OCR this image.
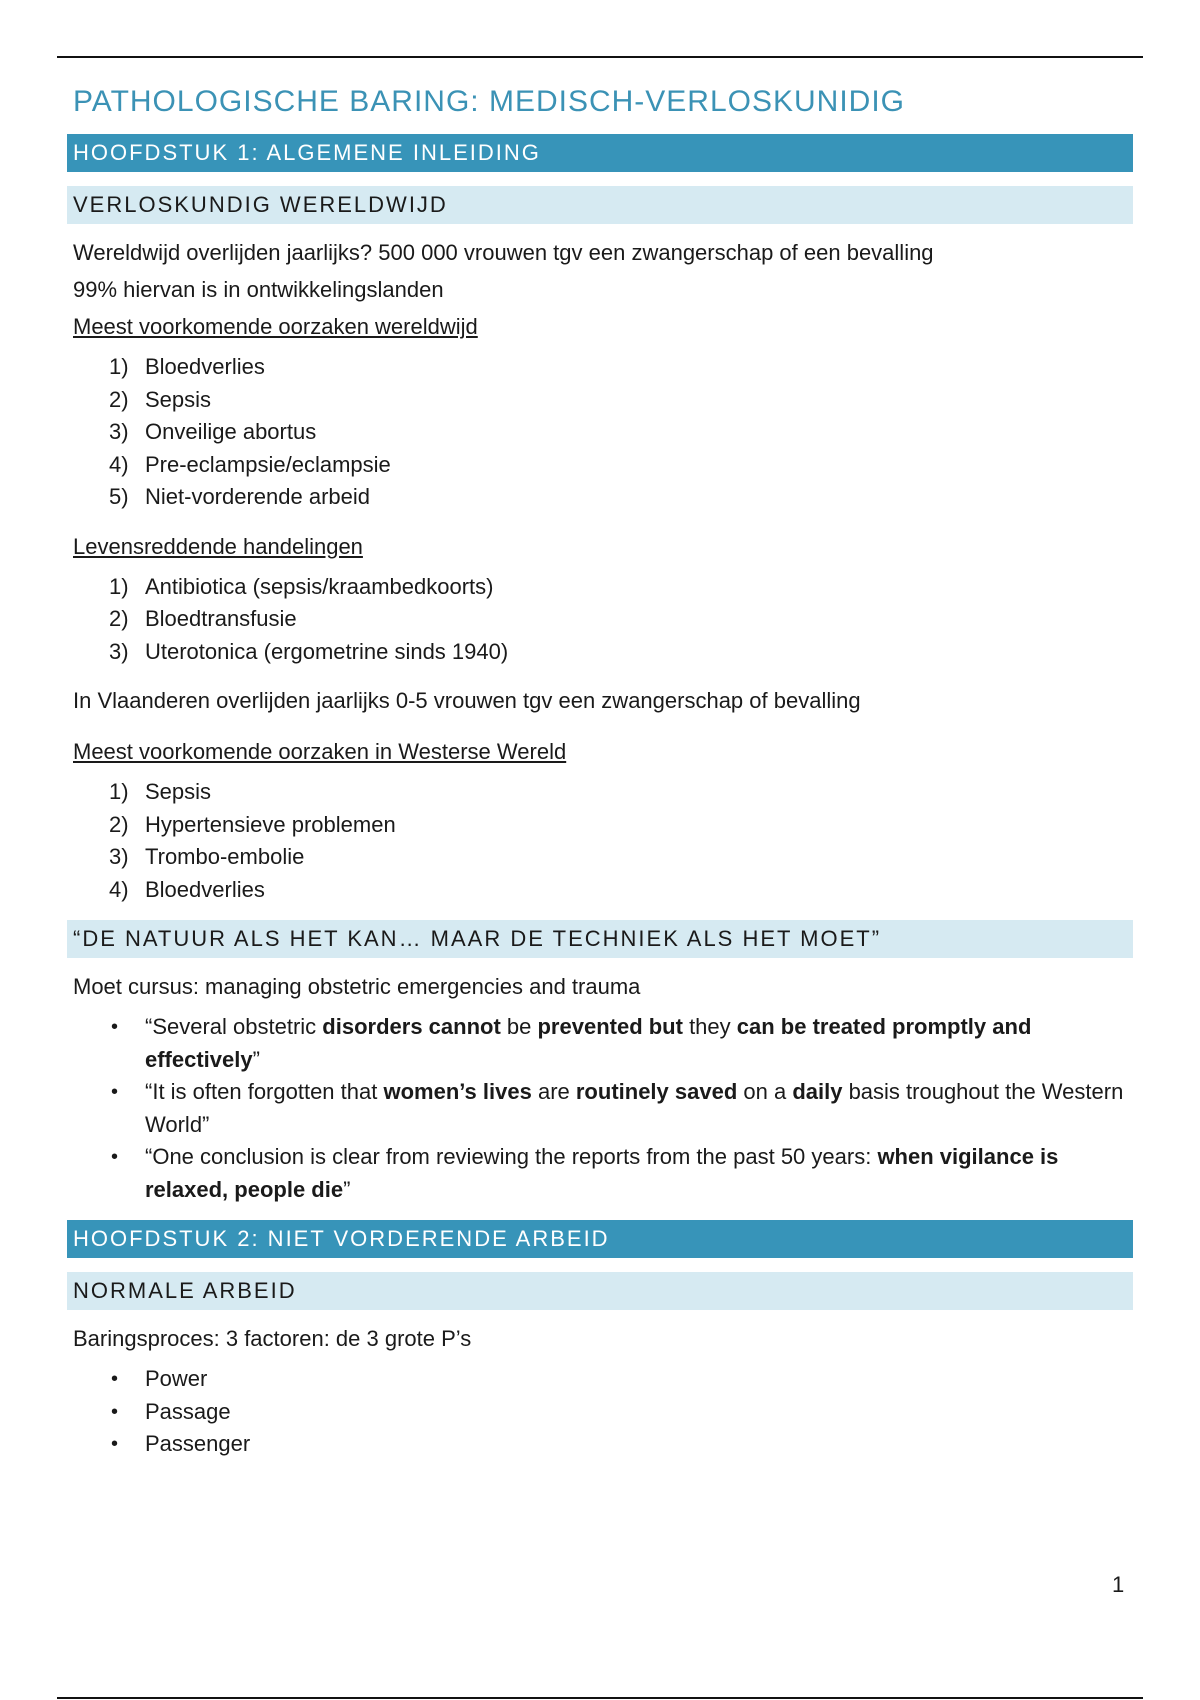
PATHOLOGISCHE BARING: MEDISCH-VERLOSKUNIDIG
HOOFDSTUK 1: ALGEMENE INLEIDING
VERLOSKUNDIG WERELDWIJD
Wereldwijd overlijden jaarlijks? 500 000 vrouwen tgv een zwangerschap of een bevalling
99% hiervan is in ontwikkelingslanden
Meest voorkomende oorzaken wereldwijd
1) Bloedverlies
2) Sepsis
3) Onveilige abortus
4) Pre-eclampsie/eclampsie
5) Niet-vorderende arbeid
Levensreddende handelingen
1) Antibiotica (sepsis/kraambedkoorts)
2) Bloedtransfusie
3) Uterotonica (ergometrine sinds 1940)
In Vlaanderen overlijden jaarlijks 0-5 vrouwen tgv een zwangerschap of bevalling
Meest voorkomende oorzaken in Westerse Wereld
1) Sepsis
2) Hypertensieve problemen
3) Trombo-embolie
4) Bloedverlies
“DE NATUUR ALS HET KAN… MAAR DE TECHNIEK ALS HET MOET”
Moet cursus: managing obstetric emergencies and trauma
• “Several obstetric disorders cannot be prevented but they can be treated promptly and effectively”
• “It is often forgotten that women’s lives are routinely saved on a daily basis troughout the Western World”
• “One conclusion is clear from reviewing the reports from the past 50 years: when vigilance is relaxed, people die”
HOOFDSTUK 2: NIET VORDERENDE ARBEID
NORMALE ARBEID
Baringsproces: 3 factoren: de 3 grote P’s
• Power
• Passage
• Passenger
1
